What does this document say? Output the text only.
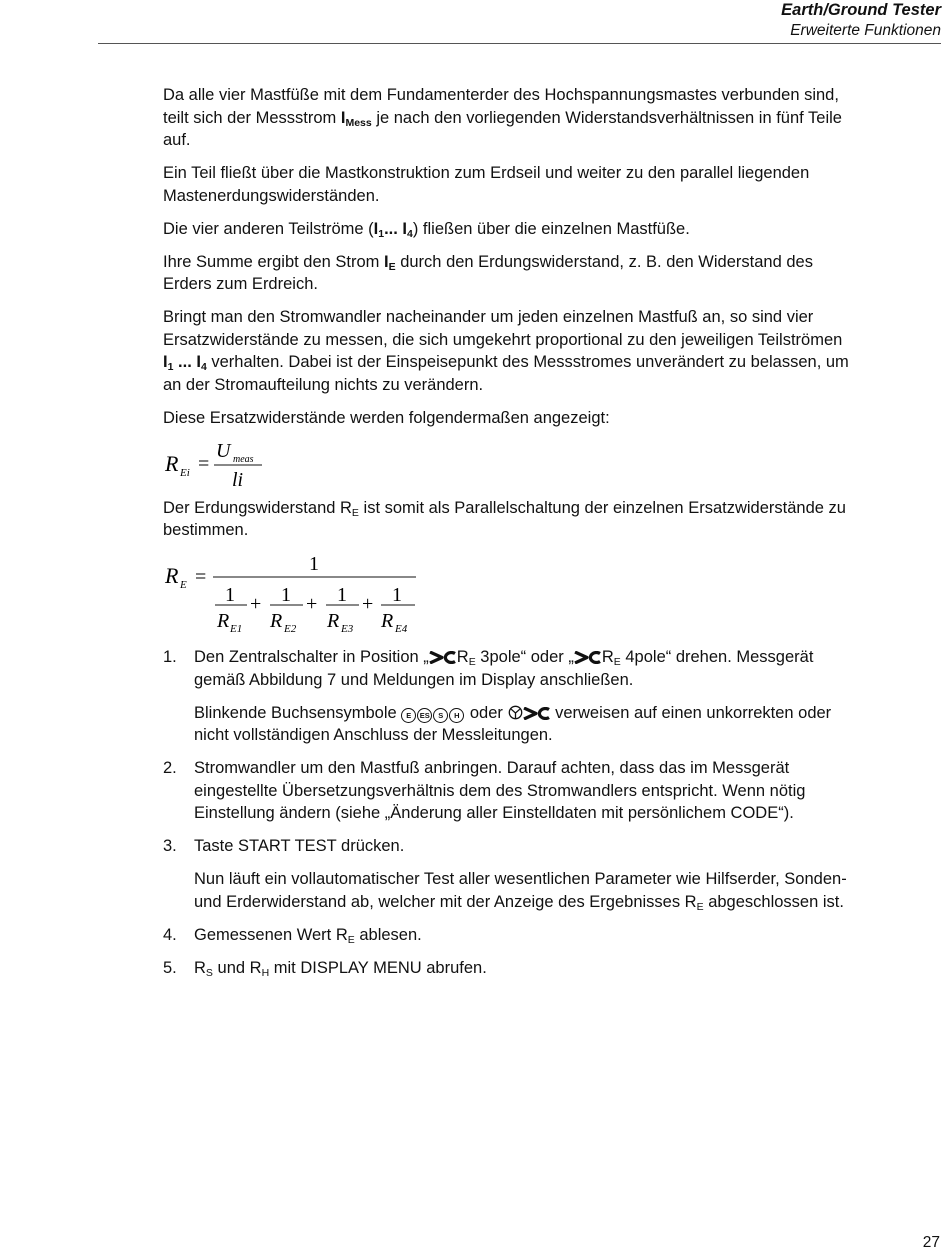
Earth/Ground Tester
Erweiterte Funktionen

Da alle vier Mastfüße mit dem Fundamenterder des Hochspannungsmastes verbunden sind, teilt sich der Messstrom $I_{Mess}$ je nach den vorliegenden Widerstandsverhältnissen in fünf Teile auf.

Ein Teil fließt über die Mastkonstruktion zum Erdseil und weiter zu den parallel liegenden Mastenerdungswiderständen.

Die vier anderen Teilströme ($I_1$... $I_4$) fließen über die einzelnen Mastfüße.

Ihre Summe ergibt den Strom $I_E$ durch den Erdungswiderstand, z. B. den Widerstand des Erders zum Erdreich.

Bringt man den Stromwandler nacheinander um jeden einzelnen Mastfuß an, so sind vier Ersatzwiderstände zu messen, die sich umgekehrt proportional zu den jeweiligen Teilströmen $I_1$ ... $I_4$ verhalten. Dabei ist der Einspeisepunkt des Messstromes unverändert zu belassen, um an der Stromaufteilung nichts zu verändern.

Diese Ersatzwiderstände werden folgendermaßen angezeigt:

R Ei =
U meas
li

Der Erdungswiderstand $R_E$ ist somit als Parallelschaltung der einzelnen Ersatzwiderstände zu bestimmen.

R E =
1
1
R E1
+ 1
R E2
+ 1
R E3
+ 1
R E4
1. Den Zentralschalter in Position „ $R_E$ 3pole“ oder „ $R_E$ 4pole“ drehen. Messgerät gemäß Abbildung 7 und Meldungen im Display anschließen.

Blinkende Buchsensymbole E ES S H oder	verweisen auf einen unkorrekten oder nicht vollständigen Anschluss der Messleitungen.

2. Stromwandler um den Mastfuß anbringen. Darauf achten, dass das im Messgerät eingestellte Übersetzungsverhältnis dem des Stromwandlers entspricht. Wenn nötig Einstellung ändern (siehe „Änderung aller Einstelldaten mit persönlichem CODE“).

3. Taste START TEST drücken.

Nun läuft ein vollautomatischer Test aller wesentlichen Parameter wie Hilfserder, Sonden- und Erderwiderstand ab, welcher mit der Anzeige des Ergebnisses $R_E$ abgeschlossen ist.

4. Gemessenen Wert $R_E$ ablesen.

5. $R_S$ und $R_H$ mit DISPLAY MENU abrufen.

27
